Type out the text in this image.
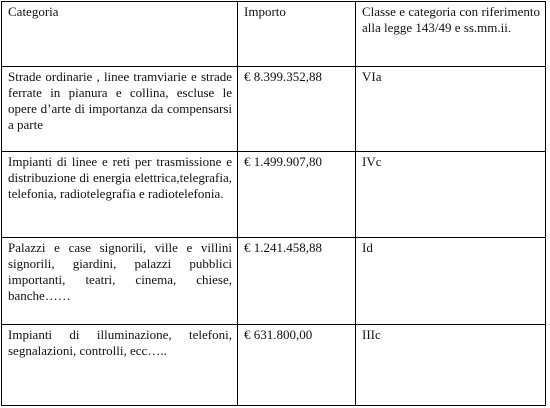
Categoria	Importo	Classe e categoria con riferimento alla legge 143/49 e ss.mm.ii.
Strade ordinarie , linee tramviarie e strade ferrate in pianura e collina, escluse le opere d’arte di importanza da compensarsi a parte	€ 8.399.352,88	VIa
Impianti di linee e reti per trasmissione e distribuzione di energia elettrica,telegrafia, telefonia, radiotelegrafia e radiotelefonia.	€ 1.499.907,80	IVc
Palazzi e case signorili, ville e villini signorili, giardini, palazzi pubblici importanti, teatri, cinema, chiese, banche……	€ 1.241.458,88	Id
Impianti di illuminazione, telefoni, segnalazioni, controlli, ecc…..	€ 631.800,00	IIIc
